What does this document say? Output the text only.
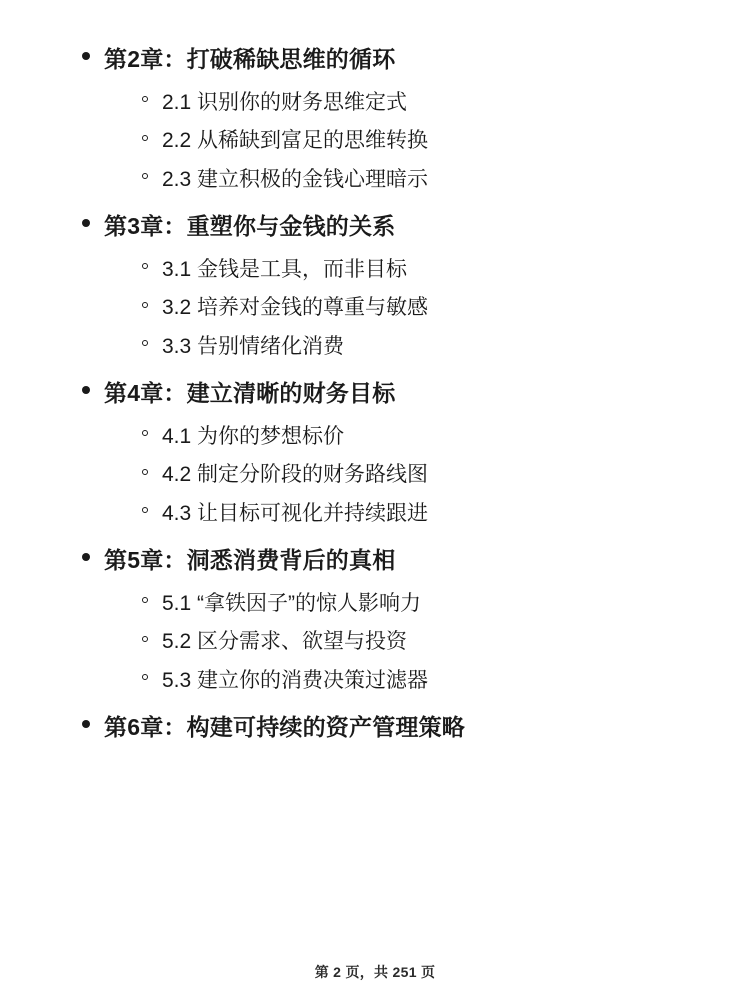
第2章：打破稀缺思维的循环
2.1 识别你的财务思维定式
2.2 从稀缺到富足的思维转换
2.3 建立积极的金钱心理暗示
第3章：重塑你与金钱的关系
3.1 金钱是工具，而非目标
3.2 培养对金钱的尊重与敏感
3.3 告别情绪化消费
第4章：建立清晰的财务目标
4.1 为你的梦想标价
4.2 制定分阶段的财务路线图
4.3 让目标可视化并持续跟进
第5章：洞悉消费背后的真相
5.1 “拿铁因子”的惊人影响力
5.2 区分需求、欲望与投资
5.3 建立你的消费决策过滤器
第6章：构建可持续的资产管理策略
第 2 页，共 251 页
